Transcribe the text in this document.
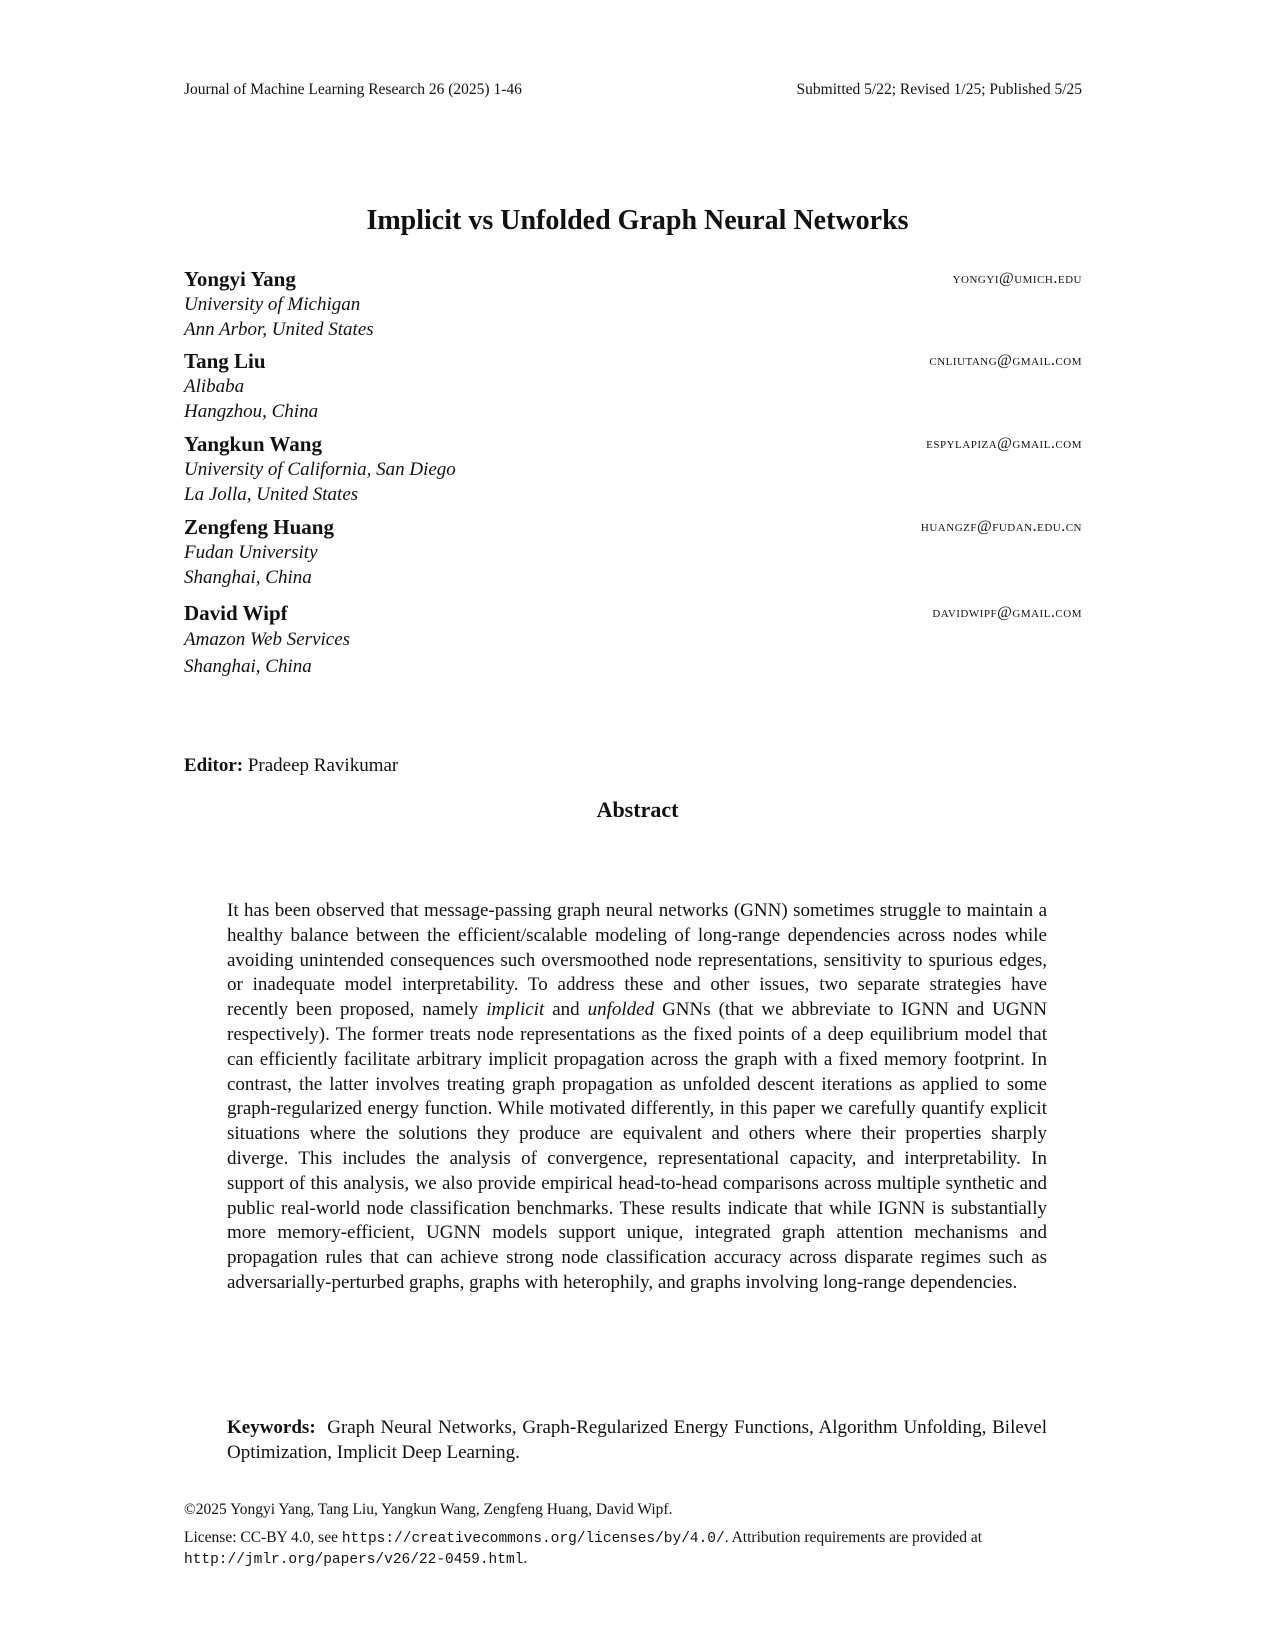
Journal of Machine Learning Research 26 (2025) 1-46	Submitted 5/22; Revised 1/25; Published 5/25
Implicit vs Unfolded Graph Neural Networks
Yongyi Yang	yongyi@umich.edu
University of Michigan
Ann Arbor, United States
Tang Liu	cnliutang@gmail.com
Alibaba
Hangzhou, China
Yangkun Wang	espylapiza@gmail.com
University of California, San Diego
La Jolla, United States
Zengfeng Huang	huangzf@fudan.edu.cn
Fudan University
Shanghai, China
David Wipf	davidwipf@gmail.com
Amazon Web Services
Shanghai, China
Editor: Pradeep Ravikumar
Abstract

It has been observed that message-passing graph neural networks (GNN) sometimes struggle to maintain a healthy balance between the efficient/scalable modeling of long-range dependencies across nodes while avoiding unintended consequences such oversmoothed node representations, sensitivity to spurious edges, or inadequate model interpretability. To address these and other issues, two separate strategies have recently been proposed, namely implicit and unfolded GNNs (that we abbreviate to IGNN and UGNN respectively). The former treats node representations as the fixed points of a deep equilibrium model that can efficiently facilitate arbitrary implicit propagation across the graph with a fixed memory footprint. In contrast, the latter involves treating graph propagation as unfolded descent iterations as applied to some graph-regularized energy function. While motivated differently, in this paper we carefully quantify explicit situations where the solutions they produce are equivalent and others where their properties sharply diverge. This includes the analysis of convergence, representational capacity, and interpretability. In support of this analysis, we also provide empirical head-to-head comparisons across multiple synthetic and public real-world node classification benchmarks. These results indicate that while IGNN is substantially more memory-efficient, UGNN models support unique, integrated graph attention mechanisms and propagation rules that can achieve strong node classification accuracy across disparate regimes such as adversarially-perturbed graphs, graphs with heterophily, and graphs involving long-range dependencies.

Keywords: Graph Neural Networks, Graph-Regularized Energy Functions, Algorithm Unfolding, Bilevel Optimization, Implicit Deep Learning.

©2025 Yongyi Yang, Tang Liu, Yangkun Wang, Zengfeng Huang, David Wipf.
License: CC-BY 4.0, see https://creativecommons.org/licenses/by/4.0/. Attribution requirements are provided at
http://jmlr.org/papers/v26/22-0459.html.
